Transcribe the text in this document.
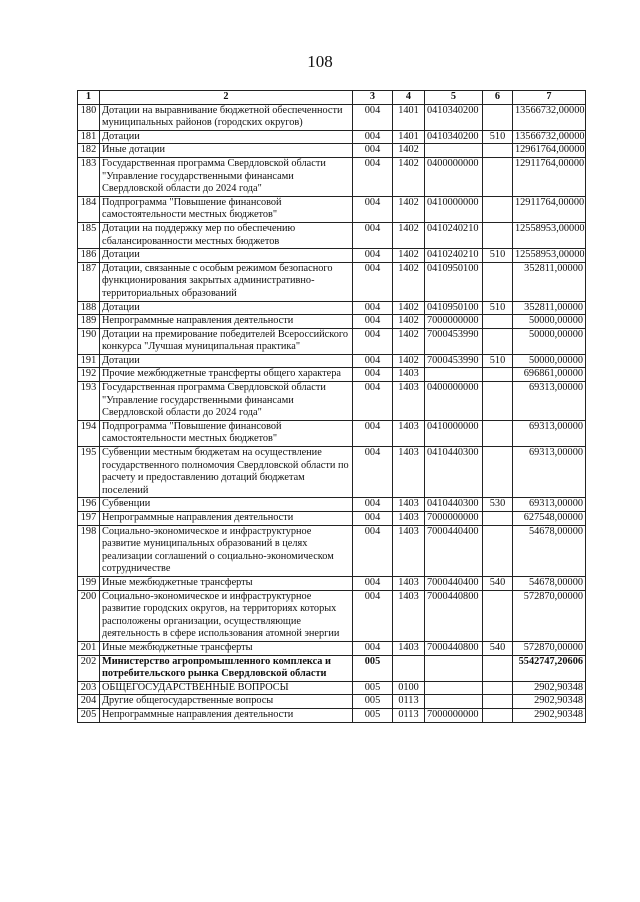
108
1	2	3	4	5	6	7
180	Дотации на выравнивание бюджетной обеспеченности муниципальных районов (городских округов)	004	1401	0410340200		13566732,00000
181	Дотации	004	1401	0410340200	510	13566732,00000
182	Иные дотации	004	1402			12961764,00000
183	Государственная программа Свердловской области "Управление государственными финансами Свердловской области до 2024 года"	004	1402	0400000000		12911764,00000
184	Подпрограмма "Повышение финансовой самостоятельности местных бюджетов"	004	1402	0410000000		12911764,00000
185	Дотации на поддержку мер по обеспечению сбалансированности местных бюджетов	004	1402	0410240210		12558953,00000
186	Дотации	004	1402	0410240210	510	12558953,00000
187	Дотации, связанные с особым режимом безопасного функционирования закрытых административно-территориальных образований	004	1402	0410950100		352811,00000
188	Дотации	004	1402	0410950100	510	352811,00000
189	Непрограммные направления деятельности	004	1402	7000000000		50000,00000
190	Дотации на премирование победителей Всероссийского конкурса "Лучшая муниципальная практика"	004	1402	7000453990		50000,00000
191	Дотации	004	1402	7000453990	510	50000,00000
192	Прочие межбюджетные трансферты общего характера	004	1403			696861,00000
193	Государственная программа Свердловской области "Управление государственными финансами Свердловской области до 2024 года"	004	1403	0400000000		69313,00000
194	Подпрограмма "Повышение финансовой самостоятельности местных бюджетов"	004	1403	0410000000		69313,00000
195	Субвенции местным бюджетам на осуществление государственного полномочия Свердловской области по расчету и предоставлению дотаций бюджетам поселений	004	1403	0410440300		69313,00000
196	Субвенции	004	1403	0410440300	530	69313,00000
197	Непрограммные направления деятельности	004	1403	7000000000		627548,00000
198	Социально-экономическое и инфраструктурное развитие муниципальных образований в целях реализации соглашений о социально-экономическом сотрудничестве	004	1403	7000440400		54678,00000
199	Иные межбюджетные трансферты	004	1403	7000440400	540	54678,00000
200	Социально-экономическое и инфраструктурное развитие городских округов, на территориях которых расположены организации, осуществляющие деятельность в сфере использования атомной энергии	004	1403	7000440800		572870,00000
201	Иные межбюджетные трансферты	004	1403	7000440800	540	572870,00000
202	Министерство агропромышленного комплекса и потребительского рынка Свердловской области	005				5542747,20606
203	ОБЩЕГОСУДАРСТВЕННЫЕ ВОПРОСЫ	005	0100			2902,90348
204	Другие общегосударственные вопросы	005	0113			2902,90348
205	Непрограммные направления деятельности	005	0113	7000000000		2902,90348
